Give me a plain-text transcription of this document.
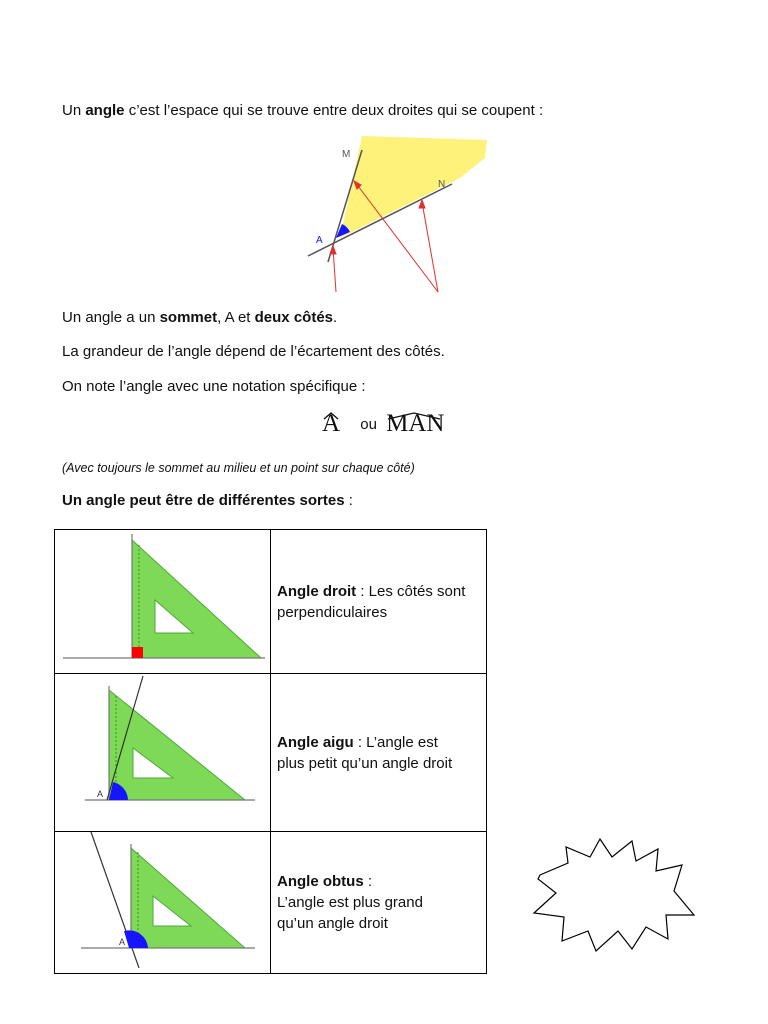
Un angle c’est l’espace qui se trouve entre deux droites qui se coupent :
M
N
A
Un angle a un sommet, A et deux côtés.
La grandeur de l’angle dépend de l’écartement des côtés.
On note l’angle avec une notation spécifique :
A ou MAN
(Avec toujours le sommet au milieu et un point sur chaque côté)
Un angle peut être de différentes sortes :
	Angle droit : Les côtés sont
perpendiculaires

A	Angle aigu : L’angle est
plus petit qu’un angle droit

A	Angle obtus :
L’angle est plus grand
qu’un angle droit
